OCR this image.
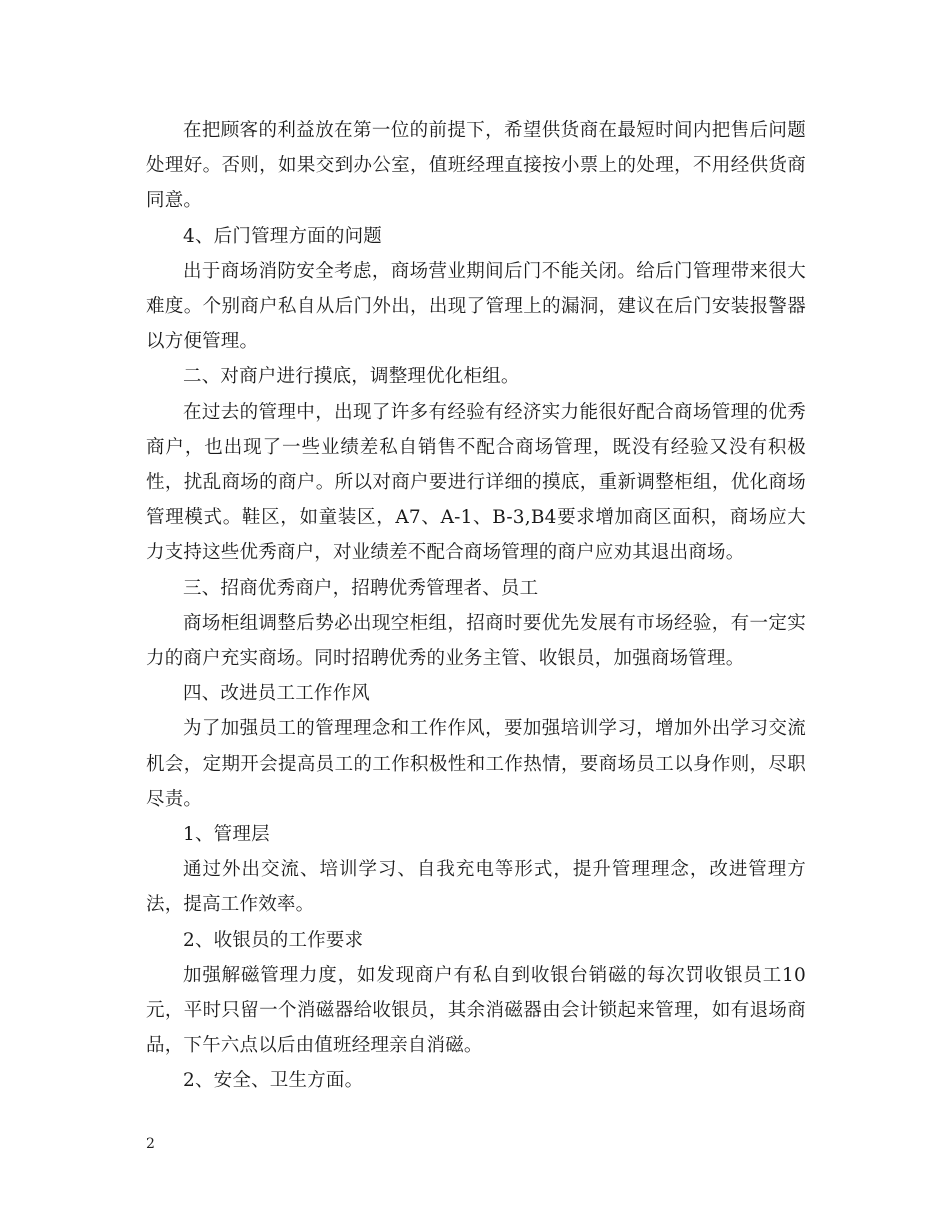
在把顾客的利益放在第一位的前提下，希望供货商在最短时间内把售后问题处理好。否则，如果交到办公室，值班经理直接按小票上的处理，不用经供货商同意。

4、后门管理方面的问题

出于商场消防安全考虑，商场营业期间后门不能关闭。给后门管理带来很大难度。个别商户私自从后门外出，出现了管理上的漏洞，建议在后门安装报警器以方便管理。

二、对商户进行摸底，调整理优化柜组。

在过去的管理中，出现了许多有经验有经济实力能很好配合商场管理的优秀商户，也出现了一些业绩差私自销售不配合商场管理，既没有经验又没有积极性，扰乱商场的商户。所以对商户要进行详细的摸底，重新调整柜组，优化商场管理模式。鞋区，如童装区，A7、A-1、B-3,B4要求增加商区面积，商场应大力支持这些优秀商户，对业绩差不配合商场管理的商户应劝其退出商场。

三、招商优秀商户，招聘优秀管理者、员工

商场柜组调整后势必出现空柜组，招商时要优先发展有市场经验，有一定实力的商户充实商场。同时招聘优秀的业务主管、收银员，加强商场管理。

四、改进员工工作作风

为了加强员工的管理理念和工作作风，要加强培训学习，增加外出学习交流机会，定期开会提高员工的工作积极性和工作热情，要商场员工以身作则，尽职尽责。

1、管理层

通过外出交流、培训学习、自我充电等形式，提升管理理念，改进管理方法，提高工作效率。

2、收银员的工作要求

加强解磁管理力度，如发现商户有私自到收银台销磁的每次罚收银员工10元，平时只留一个消磁器给收银员，其余消磁器由会计锁起来管理，如有退场商品，下午六点以后由值班经理亲自消磁。

2、安全、卫生方面。

2
